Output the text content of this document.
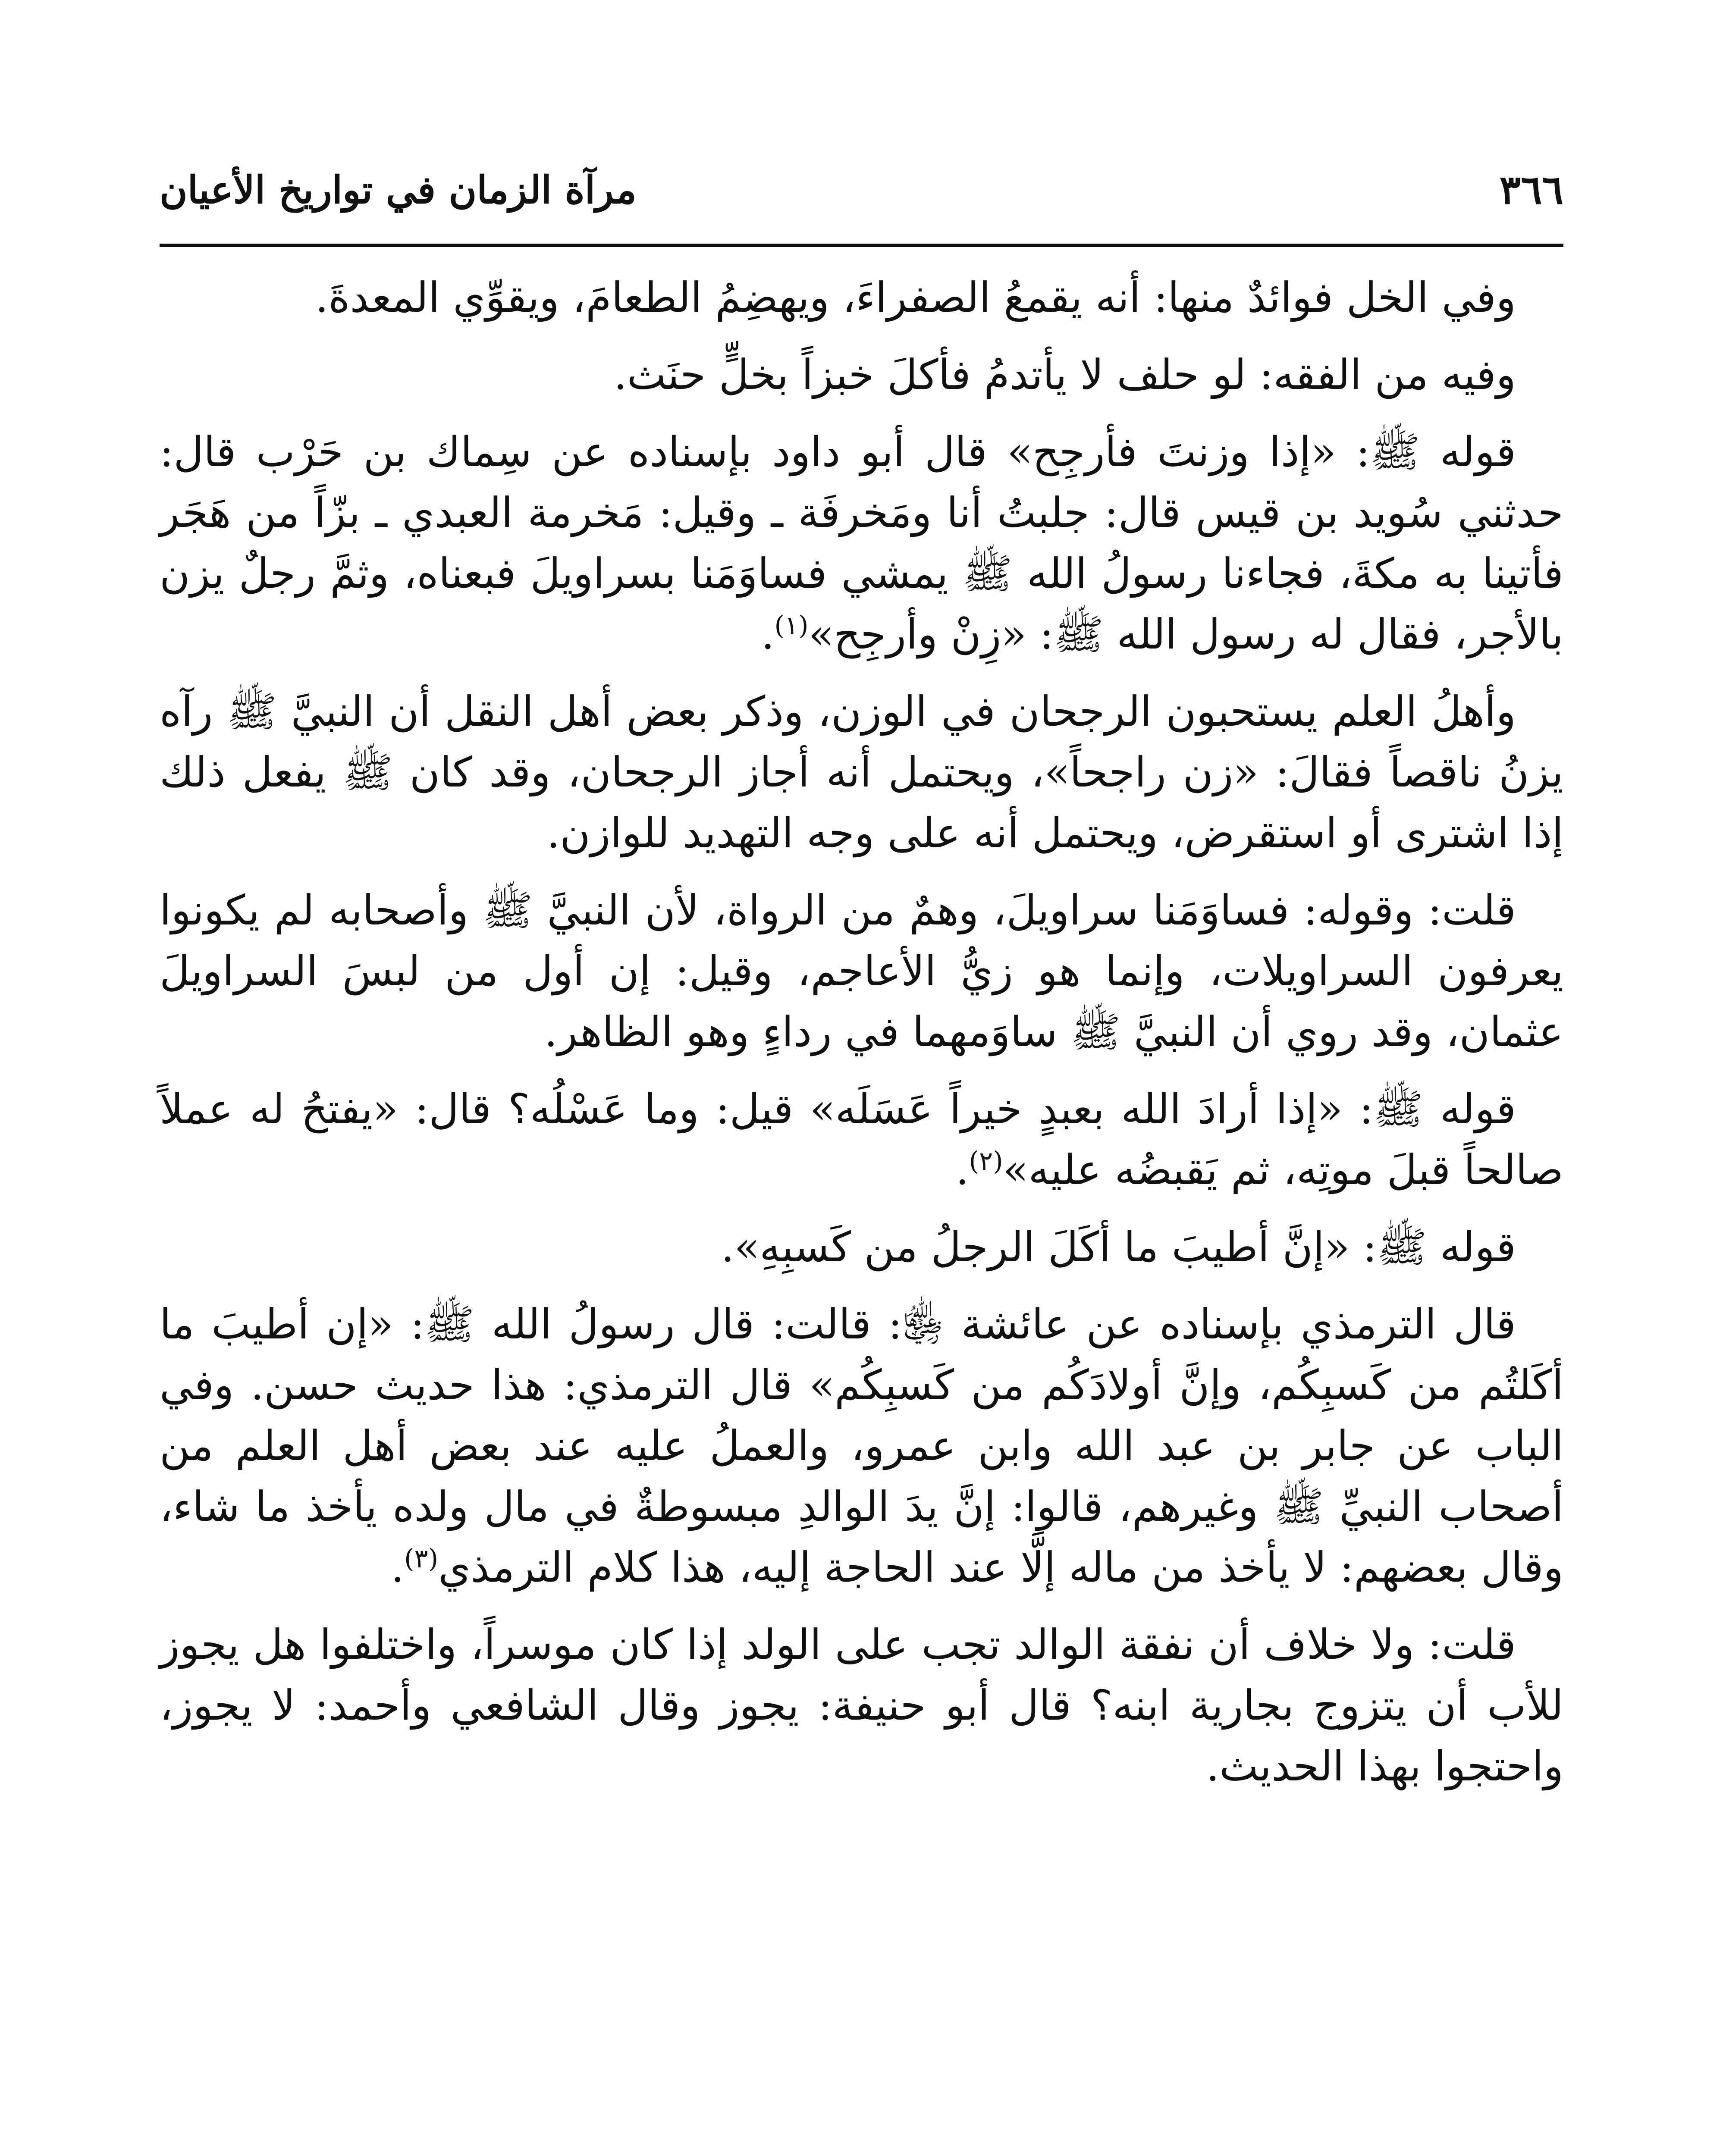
٣٦٦
مرآة الزمان في تواريخ الأعيان

وفي الخل فوائدٌ منها: أنه يقمعُ الصفراءَ، ويهضِمُ الطعامَ، ويقوِّي المعدةَ.

وفيه من الفقه: لو حلف لا يأتدمُ فأكلَ خبزاً بخلٍّ حنَث.

قوله ﷺ: «إذا وزنتَ فأرجِح» قال أبو داود بإسناده عن سِماك بن حَرْب قال: حدثني سُويد بن قيس قال: جلبتُ أنا ومَخرفَة ـ وقيل: مَخرمة العبدي ـ بزّاً من هَجَر فأتينا به مكةَ، فجاءنا رسولُ الله ﷺ يمشي فساوَمَنا بسراويلَ فبعناه، وثمَّ رجلٌ يزن بالأجر، فقال له رسول الله ﷺ: «زِنْ وأرجِح»$^{(١)}$.

وأهلُ العلم يستحبون الرجحان في الوزن، وذكر بعض أهل النقل أن النبيَّ ﷺ رآه يزنُ ناقصاً فقالَ: «زن راجحاً»، ويحتمل أنه أجاز الرجحان، وقد كان ﷺ يفعل ذلك إذا اشترى أو استقرض، ويحتمل أنه على وجه التهديد للوازن.

قلت: وقوله: فساوَمَنا سراويلَ، وهمٌ من الرواة، لأن النبيَّ ﷺ وأصحابه لم يكونوا يعرفون السراويلات، وإنما هو زيُّ الأعاجم، وقيل: إن أول من لبسَ السراويلَ عثمان، وقد روي أن النبيَّ ﷺ ساوَمهما في رداءٍ وهو الظاهر.

قوله ﷺ: «إذا أرادَ الله بعبدٍ خيراً عَسَلَه» قيل: وما عَسْلُه؟ قال: «يفتحُ له عملاً صالحاً قبلَ موتِه، ثم يَقبضُه عليه»$^{(٢)}$.

قوله ﷺ: «إنَّ أطيبَ ما أكَلَ الرجلُ من كَسبِهِ».

قال الترمذي بإسناده عن عائشة ﵂: قالت: قال رسولُ الله ﷺ: «إن أطيبَ ما أكَلتُم من كَسبِكُم، وإنَّ أولادَكُم من كَسبِكُم» قال الترمذي: هذا حديث حسن. وفي الباب عن جابر بن عبد الله وابن عمرو، والعملُ عليه عند بعض أهل العلم من أصحاب النبيِّ ﷺ وغيرهم، قالوا: إنَّ يدَ الوالدِ مبسوطةٌ في مال ولده يأخذ ما شاء، وقال بعضهم: لا يأخذ من ماله إلَّا عند الحاجة إليه، هذا كلام الترمذي$^{(٣)}$.

قلت: ولا خلاف أن نفقة الوالد تجب على الولد إذا كان موسراً، واختلفوا هل يجوز للأب أن يتزوج بجارية ابنه؟ قال أبو حنيفة: يجوز وقال الشافعي وأحمد: لا يجوز، واحتجوا بهذا الحديث.
